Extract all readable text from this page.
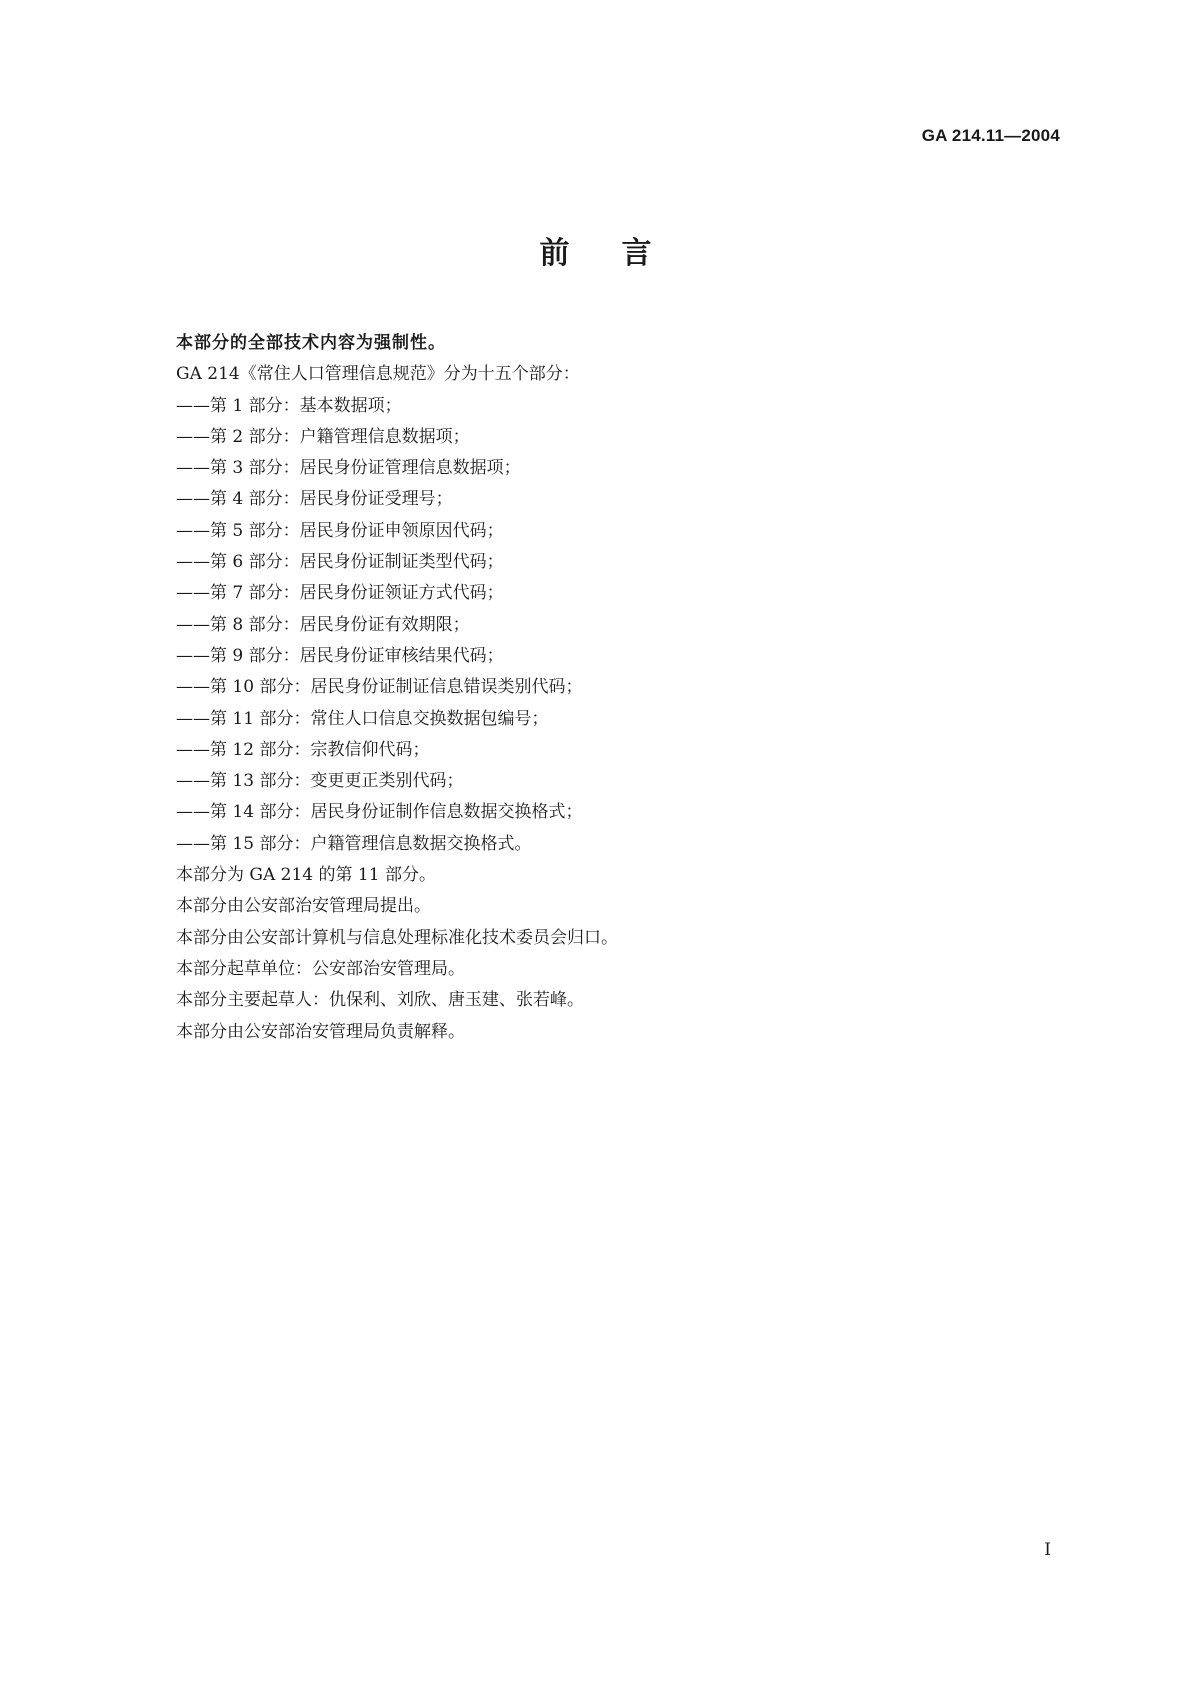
GA 214.11—2004
前言
本部分的全部技术内容为强制性。
GA 214《常住人口管理信息规范》分为十五个部分：
——第 1 部分：基本数据项；
——第 2 部分：户籍管理信息数据项；
——第 3 部分：居民身份证管理信息数据项；
——第 4 部分：居民身份证受理号；
——第 5 部分：居民身份证申领原因代码；
——第 6 部分：居民身份证制证类型代码；
——第 7 部分：居民身份证领证方式代码；
——第 8 部分：居民身份证有效期限；
——第 9 部分：居民身份证审核结果代码；
——第 10 部分：居民身份证制证信息错误类别代码；
——第 11 部分：常住人口信息交换数据包编号；
——第 12 部分：宗教信仰代码；
——第 13 部分：变更更正类别代码；
——第 14 部分：居民身份证制作信息数据交换格式；
——第 15 部分：户籍管理信息数据交换格式。
本部分为 GA 214 的第 11 部分。
本部分由公安部治安管理局提出。
本部分由公安部计算机与信息处理标准化技术委员会归口。
本部分起草单位：公安部治安管理局。
本部分主要起草人：仇保利、刘欣、唐玉建、张若峰。
本部分由公安部治安管理局负责解释。
I
